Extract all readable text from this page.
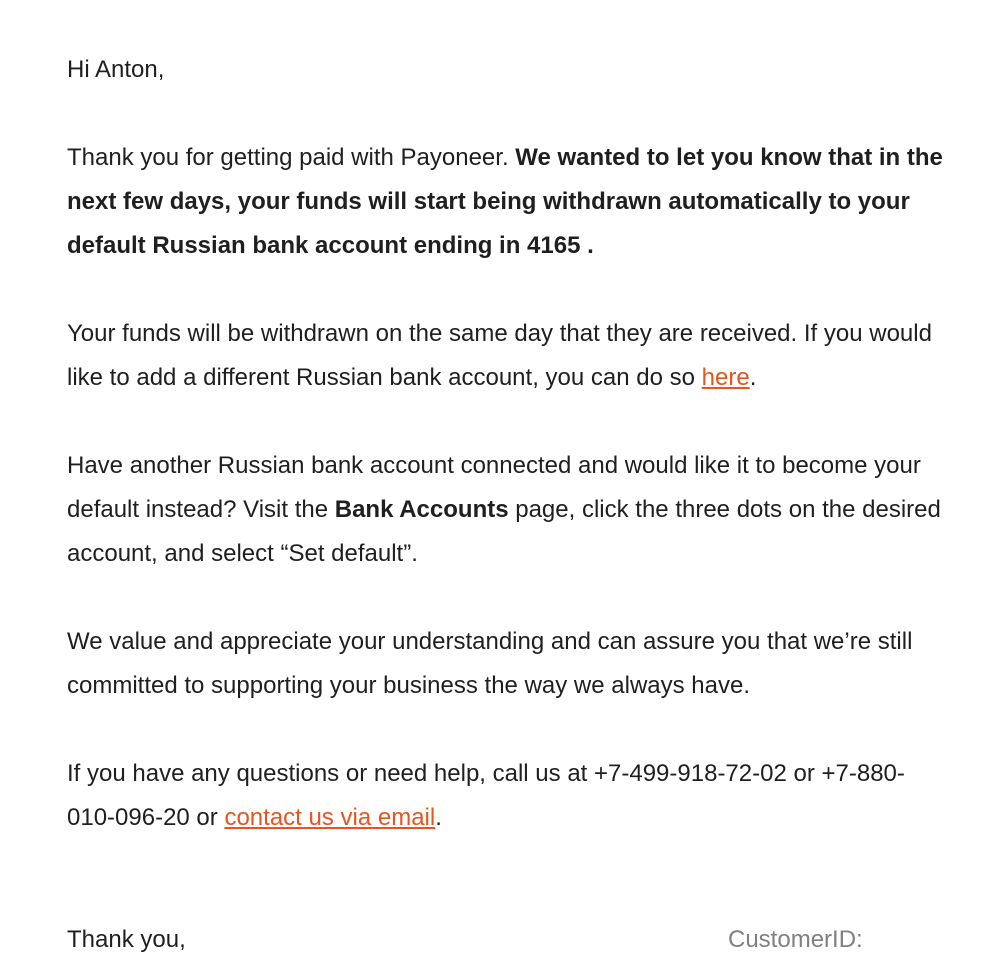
Hi Anton,

Thank you for getting paid with Payoneer. We wanted to let you know that in the next few days, your funds will start being withdrawn automatically to your default Russian bank account ending in 4165 .

Your funds will be withdrawn on the same day that they are received. If you would like to add a different Russian bank account, you can do so here.

Have another Russian bank account connected and would like it to become your default instead? Visit the Bank Accounts page, click the three dots on the desired account, and select “Set default”.

We value and appreciate your understanding and can assure you that we’re still committed to supporting your business the way we always have.

If you have any questions or need help, call us at +7-499-918-72-02 or +7-880-010-096-20 or contact us via email.

Thank you,	CustomerID:
